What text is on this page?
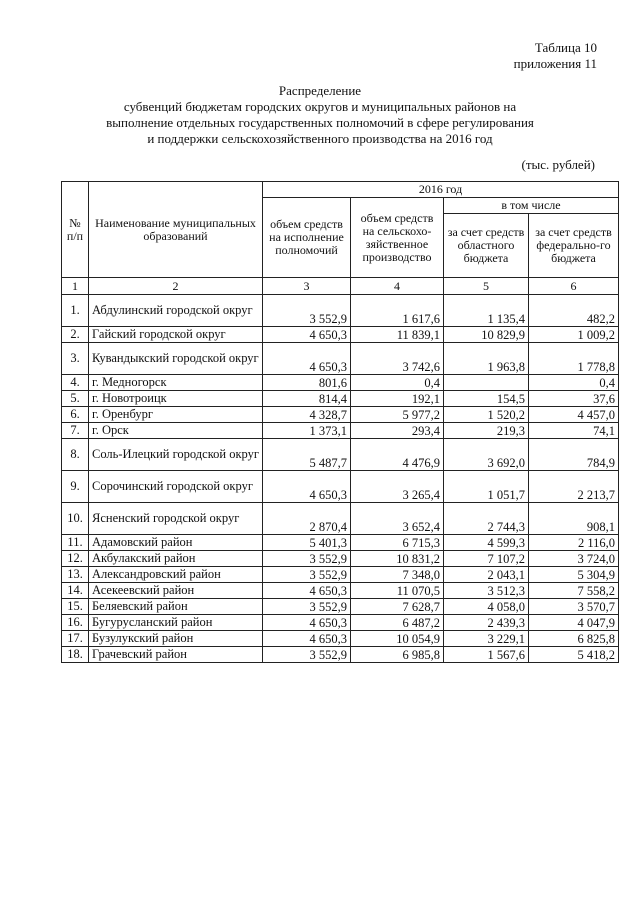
Таблица 10
приложения 11
Распределение
субвенций бюджетам городских округов и муниципальных районов на
выполнение отдельных государственных полномочий в сфере регулирования
и поддержки сельскохозяйственного производства на 2016 год
(тыс. рублей)
№ п/п	Наименование муниципальных образований	2016 год			
		объем средств на исполнение полномочий	объем средств на сельскохо-зяйственное производство	в том числе	
				за счет средств областного бюджета	за счет средств федерально-го бюджета
1	2	3	4	5	6
1.	Абдулинский городской округ	3 552,9	1 617,6	1 135,4	482,2
2.	Гайский городской округ	4 650,3	11 839,1	10 829,9	1 009,2
3.	Кувандыкский городской округ	4 650,3	3 742,6	1 963,8	1 778,8
4.	г. Медногорск	801,6	0,4		0,4
5.	г. Новотроицк	814,4	192,1	154,5	37,6
6.	г. Оренбург	4 328,7	5 977,2	1 520,2	4 457,0
7.	г. Орск	1 373,1	293,4	219,3	74,1
8.	Соль-Илецкий городской округ	5 487,7	4 476,9	3 692,0	784,9
9.	Сорочинский городской округ	4 650,3	3 265,4	1 051,7	2 213,7
10.	Ясненский городской округ	2 870,4	3 652,4	2 744,3	908,1
11.	Адамовский район	5 401,3	6 715,3	4 599,3	2 116,0
12.	Акбулакский район	3 552,9	10 831,2	7 107,2	3 724,0
13.	Александровский район	3 552,9	7 348,0	2 043,1	5 304,9
14.	Асекеевский район	4 650,3	11 070,5	3 512,3	7 558,2
15.	Беляевский район	3 552,9	7 628,7	4 058,0	3 570,7
16.	Бугурусланский район	4 650,3	6 487,2	2 439,3	4 047,9
17.	Бузулукский район	4 650,3	10 054,9	3 229,1	6 825,8
18.	Грачевский район	3 552,9	6 985,8	1 567,6	5 418,2
